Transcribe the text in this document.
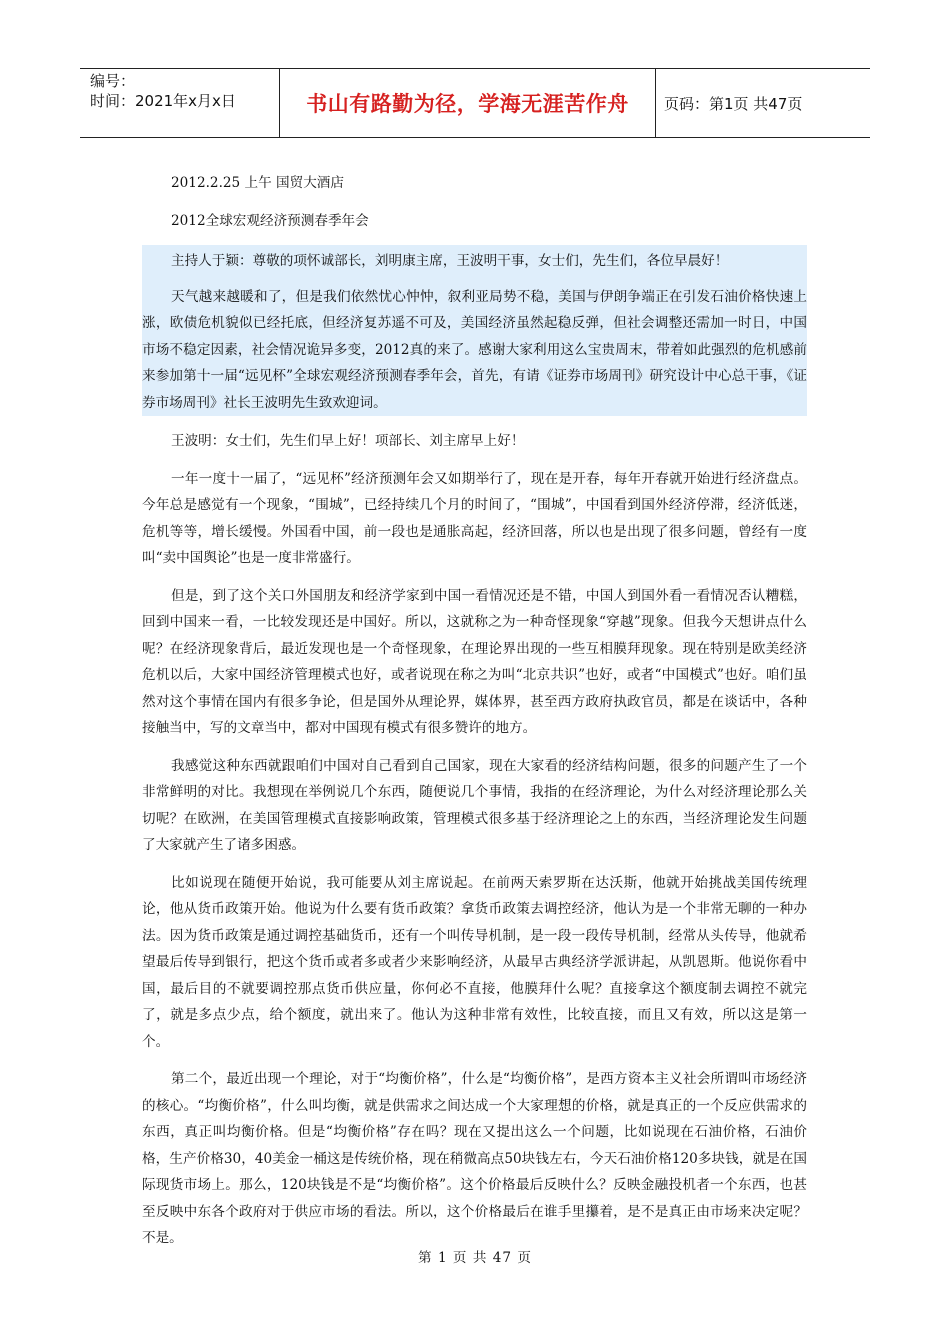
编号：
时间：2021年x月x日	书山有路勤为径，学海无涯苦作舟	页码：第1页 共47页

2012.2.25 上午 国贸大酒店

2012全球宏观经济预测春季年会

主持人于颖：尊敬的项怀诚部长，刘明康主席，王波明干事，女士们，先生们，各位早晨好！

天气越来越暖和了，但是我们依然忧心忡忡，叙利亚局势不稳，美国与伊朗争端正在引发石油价格快速上涨，欧债危机貌似已经托底，但经济复苏遥不可及，美国经济虽然起稳反弹，但社会调整还需加一时日，中国市场不稳定因素，社会情况诡异多变，2012真的来了。感谢大家利用这么宝贵周末，带着如此强烈的危机感前来参加第十一届“远见杯”全球宏观经济预测春季年会，首先，有请《证券市场周刊》研究设计中心总干事，《证券市场周刊》社长王波明先生致欢迎词。

王波明：女士们，先生们早上好！项部长、刘主席早上好！

一年一度十一届了，“远见杯”经济预测年会又如期举行了，现在是开春，每年开春就开始进行经济盘点。今年总是感觉有一个现象，“围城”，已经持续几个月的时间了，“围城”，中国看到国外经济停滞，经济低迷，危机等等，增长缓慢。外国看中国，前一段也是通胀高起，经济回落，所以也是出现了很多问题，曾经有一度叫“卖中国舆论”也是一度非常盛行。

但是，到了这个关口外国朋友和经济学家到中国一看情况还是不错，中国人到国外看一看情况否认糟糕，回到中国来一看，一比较发现还是中国好。所以，这就称之为一种奇怪现象“穿越”现象。但我今天想讲点什么呢？在经济现象背后，最近发现也是一个奇怪现象，在理论界出现的一些互相膜拜现象。现在特别是欧美经济危机以后，大家中国经济管理模式也好，或者说现在称之为叫“北京共识”也好，或者“中国模式”也好。咱们虽然对这个事情在国内有很多争论，但是国外从理论界，媒体界，甚至西方政府执政官员，都是在谈话中，各种接触当中，写的文章当中，都对中国现有模式有很多赞许的地方。

我感觉这种东西就跟咱们中国对自己看到自己国家，现在大家看的经济结构问题，很多的问题产生了一个非常鲜明的对比。我想现在举例说几个东西，随便说几个事情，我指的在经济理论，为什么对经济理论那么关切呢？在欧洲，在美国管理模式直接影响政策，管理模式很多基于经济理论之上的东西，当经济理论发生问题了大家就产生了诸多困惑。

比如说现在随便开始说，我可能要从刘主席说起。在前两天索罗斯在达沃斯，他就开始挑战美国传统理论，他从货币政策开始。他说为什么要有货币政策？拿货币政策去调控经济，他认为是一个非常无聊的一种办法。因为货币政策是通过调控基础货币，还有一个叫传导机制，是一段一段传导机制，经常从头传导，他就希望最后传导到银行，把这个货币或者多或者少来影响经济，从最早古典经济学派讲起，从凯恩斯。他说你看中国，最后目的不就要调控那点货币供应量，你何必不直接，他膜拜什么呢？直接拿这个额度制去调控不就完了，就是多点少点，给个额度，就出来了。他认为这种非常有效性，比较直接，而且又有效，所以这是第一个。

第二个，最近出现一个理论，对于“均衡价格”，什么是“均衡价格”，是西方资本主义社会所谓叫市场经济的核心。“均衡价格”，什么叫均衡，就是供需求之间达成一个大家理想的价格，就是真正的一个反应供需求的东西，真正叫均衡价格。但是“均衡价格”存在吗？现在又提出这么一个问题，比如说现在石油价格，石油价格，生产价格30，40美金一桶这是传统价格，现在稍微高点50块钱左右，今天石油价格120多块钱，就是在国际现货市场上。那么，120块钱是不是“均衡价格”。这个价格最后反映什么？反映金融投机者一个东西，也甚至反映中东各个政府对于供应市场的看法。所以，这个价格最后在谁手里攥着，是不是真正由市场来决定呢？不是。

第 1 页 共 47 页
